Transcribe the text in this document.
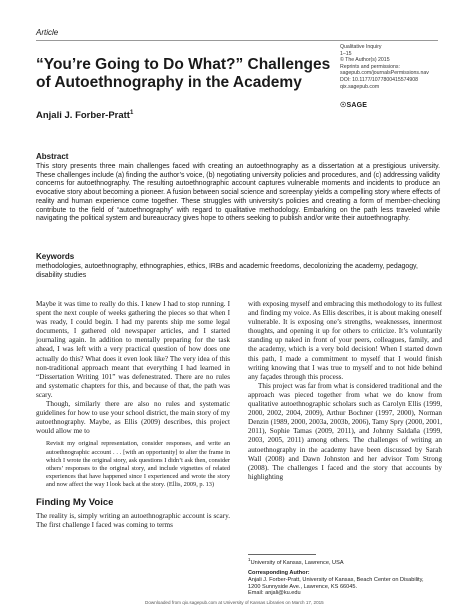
Article
“You’re Going to Do What?” Challenges of Autoethnography in the Academy
Qualitative Inquiry
1–15
© The Author(s) 2015
Reprints and permissions:
sagepub.com/journalsPermissions.nav
DOI: 10.1177/1077800415574908
qix.sagepub.com
☉SAGE
Anjali J. Forber-Pratt$^1$
Abstract
This story presents three main challenges faced with creating an autoethnography as a dissertation at a prestigious university. These challenges include (a) finding the author’s voice, (b) negotiating university policies and procedures, and (c) addressing validity concerns for autoethnography. The resulting autoethnographic account captures vulnerable moments and incidents to produce an evocative story about becoming a pioneer. A fusion between social science and screenplay yields a compelling story where effects of reality and human experience come together. These struggles with university’s policies and creating a form of member-checking contribute to the field of “autoethnography” with regard to qualitative methodology. Embarking on the path less traveled while navigating the political system and bureaucracy gives hope to others seeking to publish and/or write their autoethnography.
Keywords
methodologies, autoethnography, ethnographies, ethics, IRBs and academic freedoms, decolonizing the academy, pedagogy, disability studies

Maybe it was time to really do this. I knew I had to stop running. I spent the next couple of weeks gathering the pieces so that when I was ready, I could begin. I had my parents ship me some legal documents, I gathered old newspaper articles, and I started journaling again. In addition to mentally preparing for the task ahead, I was left with a very practical question of how does one actually do this? What does it even look like? The very idea of this non-traditional approach meant that everything I had learned in “Dissertation Writing 101” was defenestrated. There are no rules and systematic chapters for this, and because of that, the path was scary.

Though, similarly there are also no rules and systematic guidelines for how to use your school district, the main story of my autoethnography. Maybe, as Ellis (2009) describes, this project would allow me to

Revisit my original representation, consider responses, and write an autoethnographic account . . . [with an opportunity] to alter the frame in which I wrote the original story, ask questions I didn’t ask then, consider others’ responses to the original story, and include vignettes of related experiences that have happened since I experienced and wrote the story and now affect the way I look back at the story. (Ellis, 2009, p. 13)

Finding My Voice

The reality is, simply writing an autoethnographic account is scary. The first challenge I faced was coming to terms

with exposing myself and embracing this methodology to its fullest and finding my voice. As Ellis describes, it is about making oneself vulnerable. It is exposing one’s strengths, weaknesses, innermost thoughts, and opening it up for others to criticize. It’s voluntarily standing up naked in front of your peers, colleagues, family, and the academy, which is a very bold decision! When I started down this path, I made a commitment to myself that I would finish writing knowing that I was true to myself and to not hide behind any façades through this process.

This project was far from what is considered traditional and the approach was pieced together from what we do know from qualitative autoethnographic scholars such as Carolyn Ellis (1999, 2000, 2002, 2004, 2009), Arthur Bochner (1997, 2000), Norman Denzin (1989, 2000, 2003a, 2003b, 2006), Tamy Spry (2000, 2001, 2011), Sophie Tamas (2009, 2011), and Johnny Saldaña (1999, 2003, 2005, 2011) among others. The challenges of writing an autoethnography in the academy have been discussed by Sarah Wall (2008) and Dawn Johnston and her advisor Tom Strong (2008). The challenges I faced and the story that accounts by highlighting

$^1$University of Kansas, Lawrence, USA
Corresponding Author:
Anjali J. Forber-Pratt, University of Kansas, Beach Center on Disability,
1200 Sunnyside Ave., Lawrence, KS 66045.
Email: anjali@ku.edu
Downloaded from qix.sagepub.com at University of Kansas Libraries on March 17, 2015
